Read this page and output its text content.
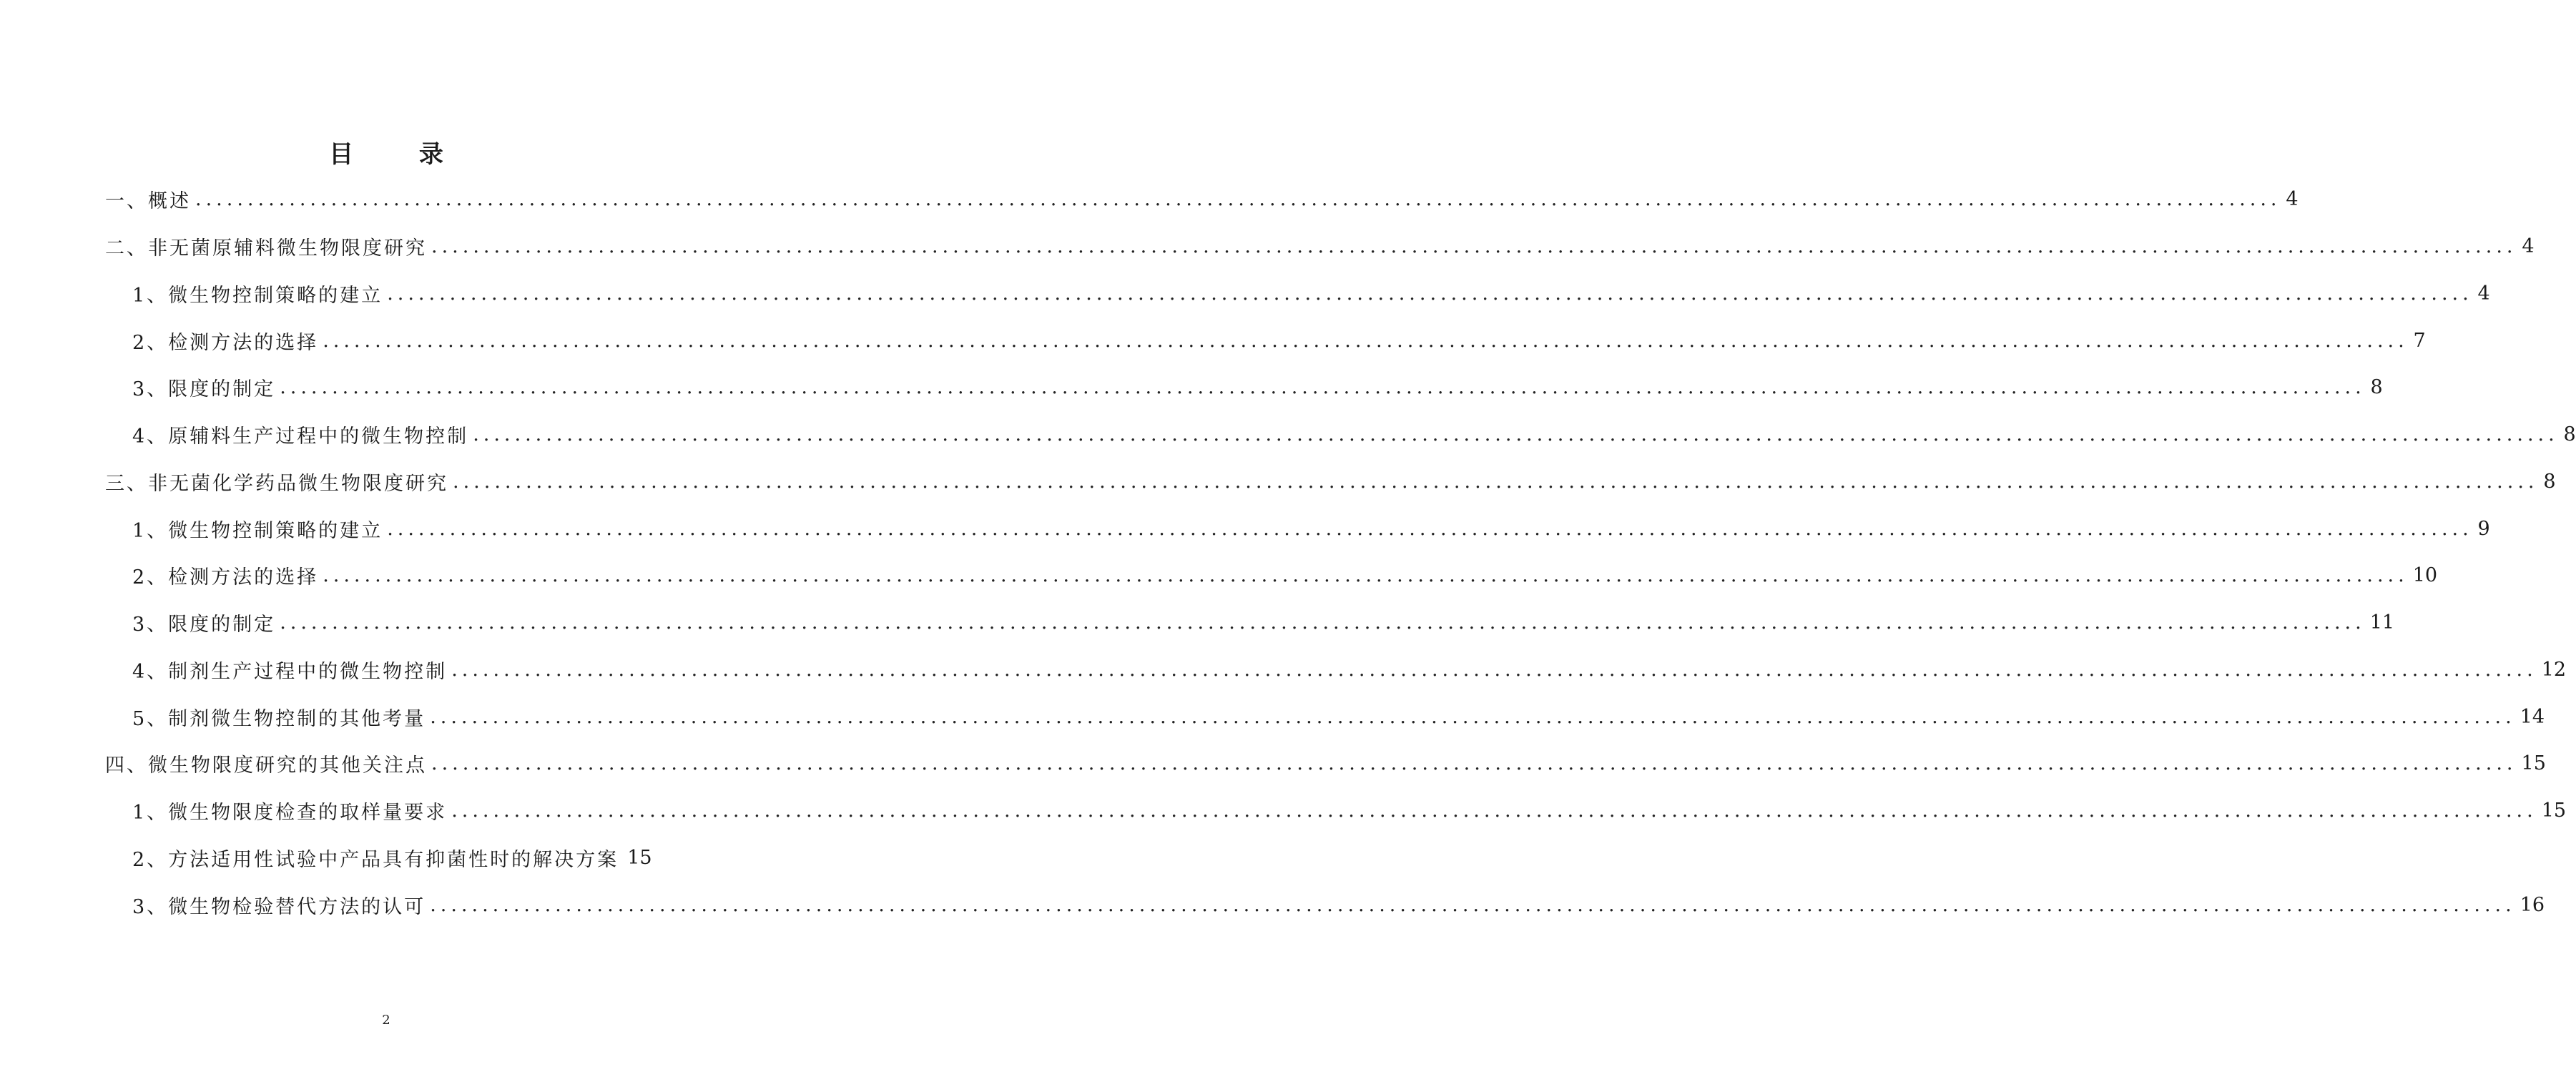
目 录
一、概述 ........................................................................................................................................................................................................ 4
二、非无菌原辅料微生物限度研究 ........................................................................................................................................................................................................ 4
1、微生物控制策略的建立 ........................................................................................................................................................................................................ 4
2、检测方法的选择 ........................................................................................................................................................................................................ 7
3、限度的制定 ........................................................................................................................................................................................................ 8
4、原辅料生产过程中的微生物控制 ........................................................................................................................................................................................................ 8
三、非无菌化学药品微生物限度研究 ........................................................................................................................................................................................................ 8
1、微生物控制策略的建立 ........................................................................................................................................................................................................ 9
2、检测方法的选择 ........................................................................................................................................................................................................ 10
3、限度的制定 ........................................................................................................................................................................................................ 11
4、制剂生产过程中的微生物控制 ........................................................................................................................................................................................................ 12
5、制剂微生物控制的其他考量 ........................................................................................................................................................................................................ 14
四、微生物限度研究的其他关注点 ........................................................................................................................................................................................................ 15
1、微生物限度检查的取样量要求 ........................................................................................................................................................................................................ 15
2、方法适用性试验中产品具有抑菌性时的解决方案 15
3、微生物检验替代方法的认可 ........................................................................................................................................................................................................ 16
2
